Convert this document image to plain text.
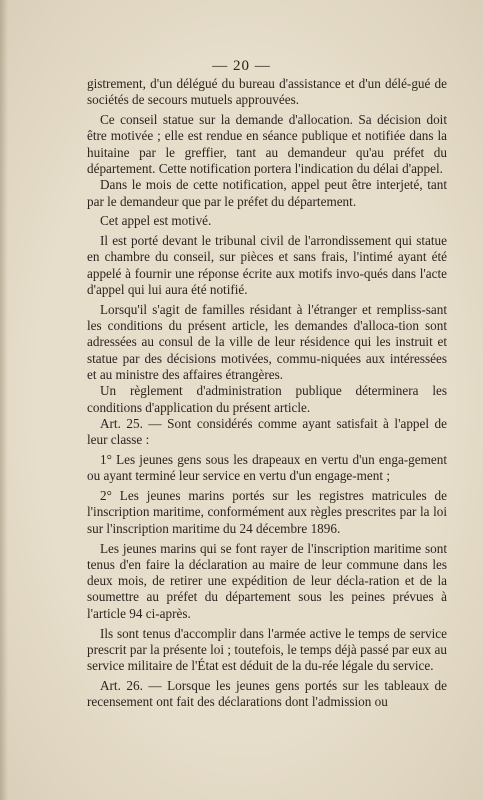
— 20 —

gistrement, d'un délégué du bureau d'assistance et d'un délé-gué de sociétés de secours mutuels approuvées.

Ce conseil statue sur la demande d'allocation. Sa décision doit être motivée ; elle est rendue en séance publique et notifiée dans la huitaine par le greffier, tant au demandeur qu'au préfet du département. Cette notification portera l'indication du délai d'appel.

Dans le mois de cette notification, appel peut être interjeté, tant par le demandeur que par le préfet du département.

Cet appel est motivé.

Il est porté devant le tribunal civil de l'arrondissement qui statue en chambre du conseil, sur pièces et sans frais, l'intimé ayant été appelé à fournir une réponse écrite aux motifs invo-qués dans l'acte d'appel qui lui aura été notifié.

Lorsqu'il s'agit de familles résidant à l'étranger et rempliss-sant les conditions du présent article, les demandes d'alloca-tion sont adressées au consul de la ville de leur résidence qui les instruit et statue par des décisions motivées, commu-niquées aux intéressées et au ministre des affaires étrangères.

Un règlement d'administration publique déterminera les conditions d'application du présent article.

Art. 25. — Sont considérés comme ayant satisfait à l'appel de leur classe :

1° Les jeunes gens sous les drapeaux en vertu d'un enga-gement ou ayant terminé leur service en vertu d'un engage-ment ;

2° Les jeunes marins portés sur les registres matricules de l'inscription maritime, conformément aux règles prescrites par la loi sur l'inscription maritime du 24 décembre 1896.

Les jeunes marins qui se font rayer de l'inscription maritime sont tenus d'en faire la déclaration au maire de leur commune dans les deux mois, de retirer une expédition de leur décla-ration et de la soumettre au préfet du département sous les peines prévues à l'article 94 ci-après.

Ils sont tenus d'accomplir dans l'armée active le temps de service prescrit par la présente loi ; toutefois, le temps déjà passé par eux au service militaire de l'État est déduit de la du-rée légale du service.

Art. 26. — Lorsque les jeunes gens portés sur les tableaux de recensement ont fait des déclarations dont l'admission ou
